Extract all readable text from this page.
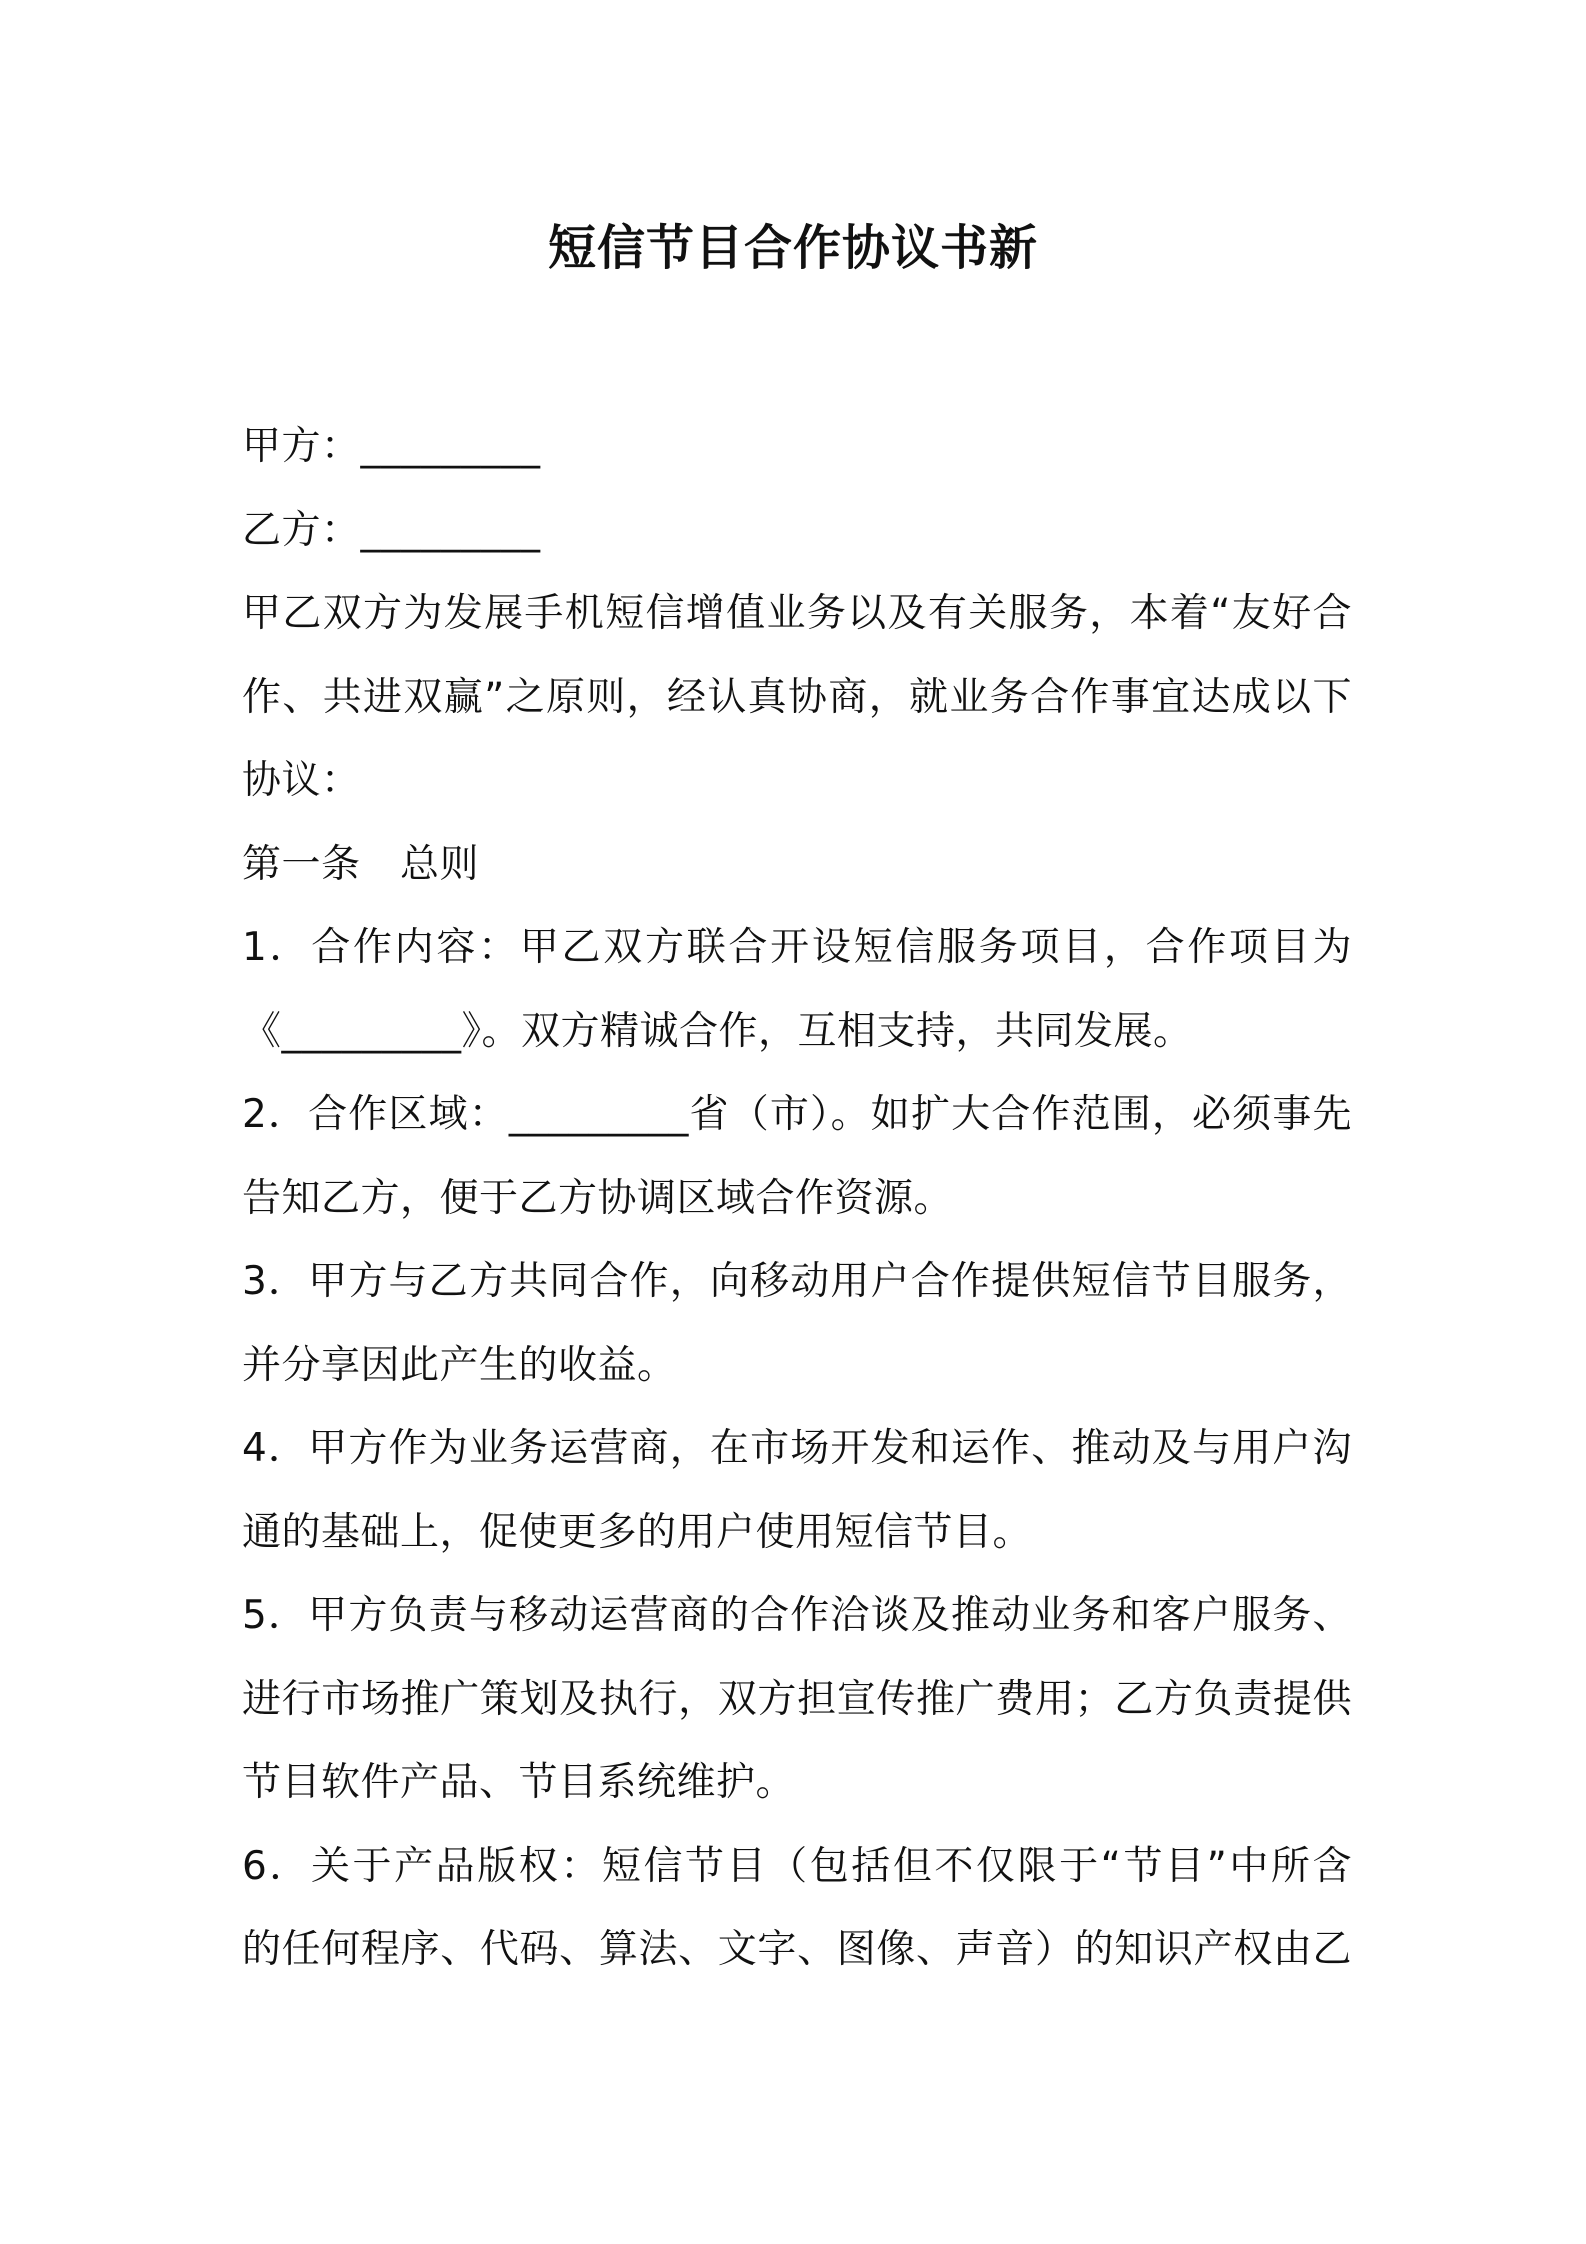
短信节目合作协议书新
甲方：_________
乙方：_________
甲乙双方为发展手机短信增值业务以及有关服务，本着“友好合
作、共进双赢”之原则，经认真协商，就业务合作事宜达成以下
协议：
第一条　总则
1．合作内容：甲乙双方联合开设短信服务项目，合作项目为
《_________》。双方精诚合作，互相支持，共同发展。
2．合作区域：_________省（市）。如扩大合作范围，必须事先
告知乙方，便于乙方协调区域合作资源。
3．甲方与乙方共同合作，向移动用户合作提供短信节目服务，
并分享因此产生的收益。
4．甲方作为业务运营商，在市场开发和运作、推动及与用户沟
通的基础上，促使更多的用户使用短信节目。
5．甲方负责与移动运营商的合作洽谈及推动业务和客户服务、
进行市场推广策划及执行，双方担宣传推广费用；乙方负责提供
节目软件产品、节目系统维护。
6．关于产品版权：短信节目（包括但不仅限于“节目”中所含
的任何程序、代码、算法、文字、图像、声音）的知识产权由乙
